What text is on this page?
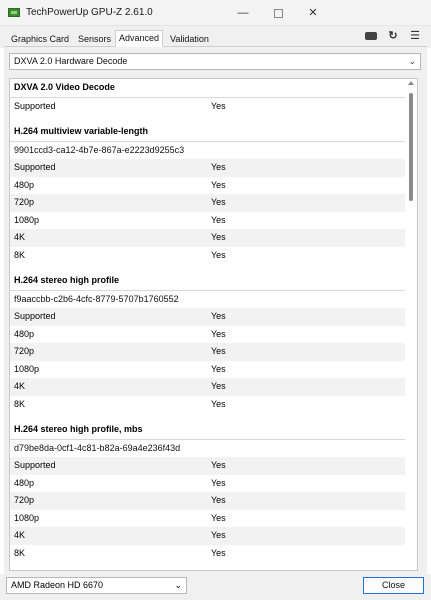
TechPowerUp GPU-Z 2.61.0	—	✕
Graphics Card Sensors Advanced	Validation	↻ ☰
DXVA 2.0 Hardware Decode	⌄
DXVA 2.0 Video Decode
Supported	Yes
H.264 multiview variable-length
9901ccd3-ca12-4b7e-867a-e2223d9255c3
Supported	Yes
480p	Yes
720p	Yes
1080p	Yes
4K	Yes
8K	Yes
H.264 stereo high profile
f9aaccbb-c2b6-4cfc-8779-5707b1760552
Supported	Yes
480p	Yes
720p	Yes
1080p	Yes
4K	Yes
8K	Yes
H.264 stereo high profile, mbs
d79be8da-0cf1-4c81-b82a-69a4e236f43d
Supported	Yes
480p	Yes
720p	Yes
1080p	Yes
4K	Yes
8K	Yes
AMD Radeon HD 6670	⌄	Close
